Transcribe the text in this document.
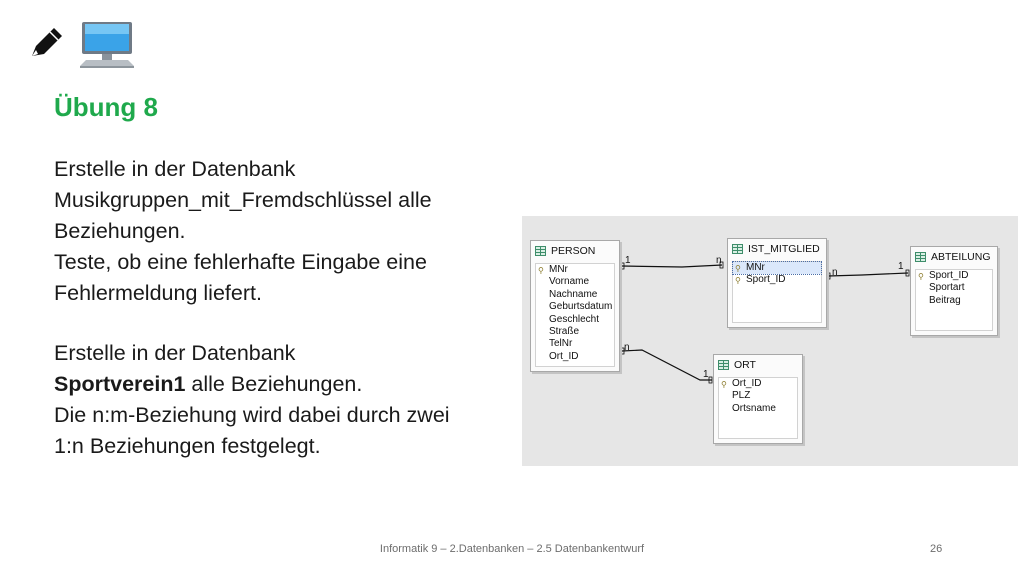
Übung 8

Erstelle in der Datenbank

Musikgruppen_mit_Fremdschlüssel alle

Beziehungen.

Teste, ob eine fehlerhafte Eingabe eine

Fehlermeldung liefert.

Erstelle in der Datenbank

Sportverein1 alle Beziehungen.

Die n:m-Beziehung wird dabei durch zwei

1:n Beziehungen festgelegt.

1	n
n
1
n
1
PERSON
⚲ MNr
Vorname
Nachname
Geburtsdatum
Geschlecht
Straße
TelNr
Ort_ID
IST_MITGLIED
⚲ MNr
⚲ Sport_ID
ABTEILUNG
⚲ Sport_ID
Sportart
Beitrag
ORT
⚲ Ort_ID
PLZ
Ortsname
Informatik 9 – 2.Datenbanken – 2.5 Datenbankentwurf	26
